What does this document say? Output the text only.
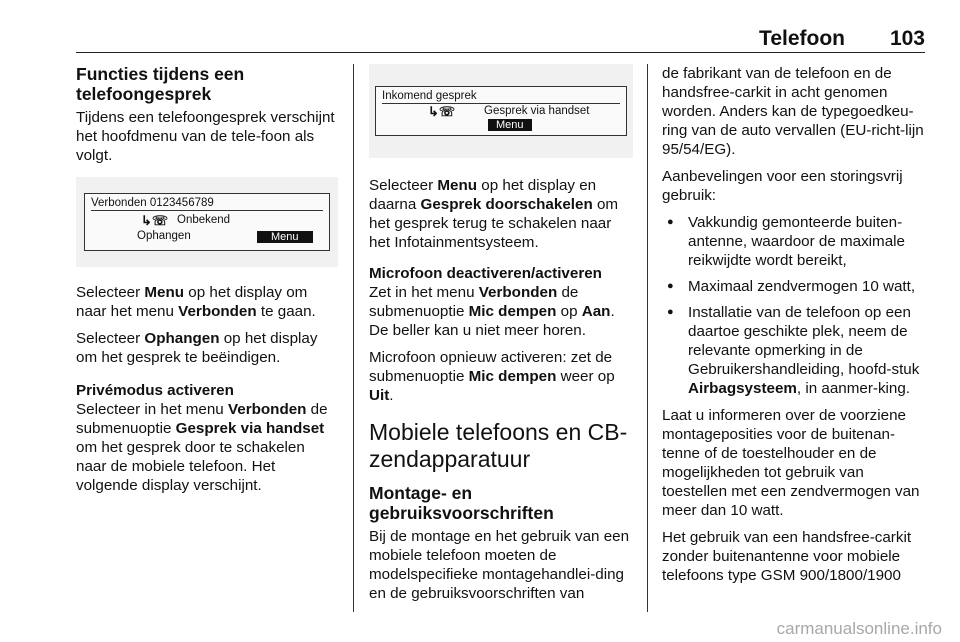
Telefoon 103
Functies tijdens een telefoongesprek

Tijdens een telefoongesprek verschijnt het hoofdmenu van de tele-foon als volgt.

Verbonden 0123456789
↳☏ Onbekend
Ophangen	Menu

Selecteer Menu op het display om naar het menu Verbonden te gaan.

Selecteer Ophangen op het display om het gesprek te beëindigen.

Privémodus activeren

Selecteer in het menu Verbonden de submenuoptie Gesprek via handset om het gesprek door te schakelen naar de mobiele telefoon. Het volgende display verschijnt.

Inkomend gesprek
↳☏	Gesprek via handset
Menu

Selecteer Menu op het display en daarna Gesprek doorschakelen om het gesprek terug te schakelen naar het Infotainmentsysteem.

Microfoon deactiveren/activeren

Zet in het menu Verbonden de submenuoptie Mic dempen op Aan. De beller kan u niet meer horen.

Microfoon opnieuw activeren: zet de submenuoptie Mic dempen weer op Uit.

Mobiele telefoons en CB-zendapparatuur
Montage- en gebruiksvoorschriften

Bij de montage en het gebruik van een mobiele telefoon moeten de modelspecifieke montagehandlei-ding en de gebruiksvoorschriften van

de fabrikant van de telefoon en de handsfree-carkit in acht genomen worden. Anders kan de typegoedkeu-ring van de auto vervallen (EU-richt-lijn 95/54/EG).

Aanbevelingen voor een storingsvrij gebruik:

● Vakkundig gemonteerde buiten-antenne, waardoor de maximale reikwijdte wordt bereikt,
● Maximaal zendvermogen 10 watt,
● Installatie van de telefoon op een daartoe geschikte plek, neem de relevante opmerking in de Gebruikershandleiding, hoofd-stuk Airbagsysteem, in aanmer-king.

Laat u informeren over de voorziene montageposities voor de buitenan-tenne of de toestelhouder en de mogelijkheden tot gebruik van toestellen met een zendvermogen van meer dan 10 watt.

Het gebruik van een handsfree-carkit zonder buitenantenne voor mobiele telefoons type GSM 900/1800/1900

carmanualsonline.info
